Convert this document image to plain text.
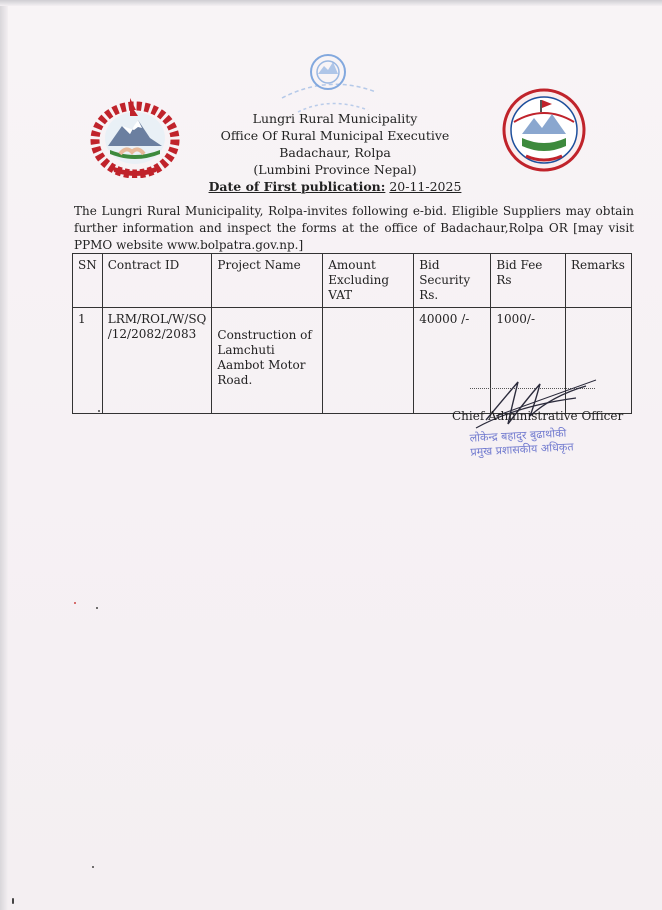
Lungri Rural Municipality
Office Of Rural Municipal Executive
Badachaur, Rolpa
(Lumbini Province Nepal)
Date of First publication: 20-11-2025
The Lungri Rural Municipality, Rolpa-invites following e-bid. Eligible Suppliers may obtain further information and inspect the forms at the office of Badachaur,Rolpa OR [may visit PPMO website www.bolpatra.gov.np.]
SN	Contract ID	Project Name	Amount Excluding VAT	Bid Security Rs.	Bid Fee Rs	Remarks
1	LRM/ROL/W/SQ /12/2082/2083	Construction of Lamchuti Aambot Motor Road.		40000 /-	1000/-	
Chief Administrative Officer
लोकेन्द्र बहादुर बुढाथोकी
प्रमुख प्रशासकीय अधिकृत
